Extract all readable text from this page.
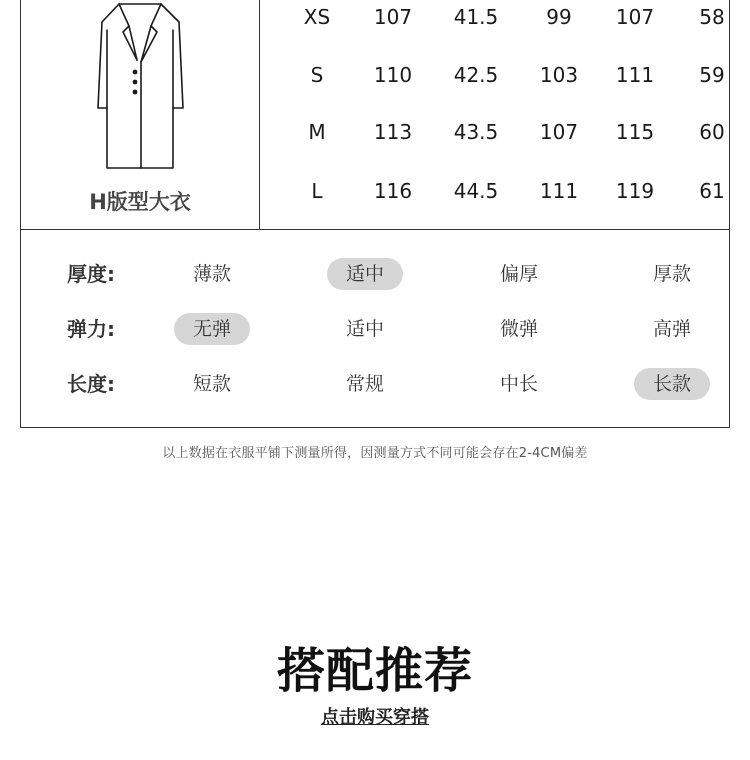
H版型大衣
XS	107	41.5	99	107	58
S	110	42.5	103	111	59
M	113	43.5	107	115	60
L	116	44.5	111	119	61
厚度:	薄款	适中	偏厚	厚款
弹力:	无弹	适中	微弹	高弹
长度:	短款	常规	中长	长款
以上数据在衣服平铺下测量所得，因测量方式不同可能会存在2-4CM偏差
搭配推荐
点击购买穿搭
